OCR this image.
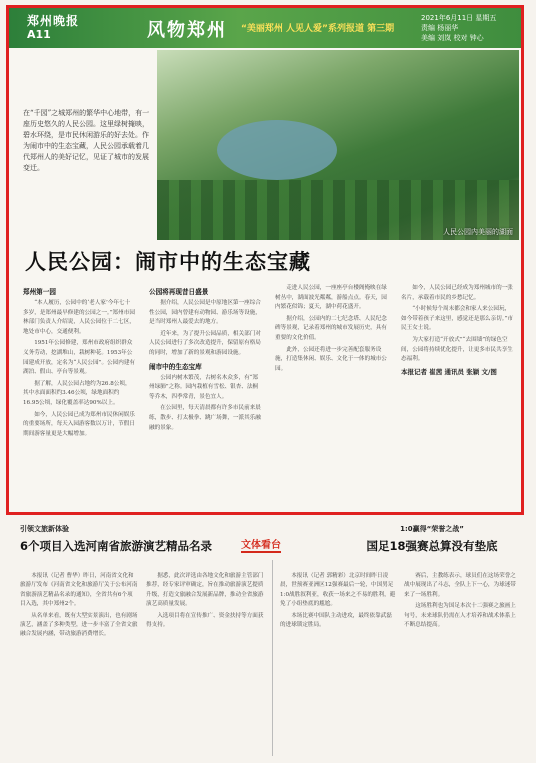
郑州晚报
A11	风物郑州 “美丽郑州 人见人爱”系列报道 第三期
2021年6月11日 星期五
责编 杨丽华
美编 刘岚 校对 钟心
人民公园内美丽的湖面
在“千园”之城郑州的繁华中心地带，有一座历史悠久的人民公园。这里绿树掩映，碧水环绕，是市民休闲游乐的好去处。作为闹市中的生态宝藏，人民公园承载着几代郑州人的美好记忆，见证了城市的发展变迁。
人民公园：闹市中的生态宝藏
郑州第一园

“本人履历，公园中的‘老人家’今年七十多岁，是郑州最早修建的公园之一。”郑州市园林部门负责人介绍说，人民公园位于二七区，地处市中心，交通便利。

1951年公园修建，郑州市政府组织群众义务劳动，挖湖堆山，栽树种花。1953年公园建成开放，定名为“人民公园”。公园内建有湖泊、假山、亭台等景观。

据了解，人民公园占地约为26.8公顷，其中水面面积约3.46公顷，绿地面积约16.95公顷，绿化覆盖率达90%以上。

如今，人民公园已成为郑州市民休闲娱乐的重要场所，每天入园游客数以万计，节假日期间游客量更是大幅增加。

公园将再现昔日盛景

据介绍，人民公园是中原地区第一座综合性公园，园内曾建有动物园、游乐场等设施，是当时郑州人最爱去的地方。

近年来，为了提升公园品质，相关部门对人民公园进行了多次改造提升，保留原有格局的同时，增加了新的景观和游园设施。

闹市中的生态宝库

公园内树木繁茂，古树名木众多，有“郑州绿肺”之称。园内栽植有雪松、银杏、法桐等乔木，四季常青，景色宜人。

在公园里，每天清晨都有许多市民前来晨练，散步、打太极拳、跳广场舞，一派其乐融融的景象。

走进人民公园，一座座亭台楼阁掩映在绿树丛中，湖面波光粼粼，游船点点。春天，园内繁花似锦；夏天，湖中荷花盛开。

据介绍，公园内的二七纪念塔、人民纪念碑等景观，记录着郑州的城市发展历史，具有重要的文化价值。

此外，公园还将进一步完善配套服务设施，打造集休闲、娱乐、文化于一体的城市公园。

如今，人民公园已经成为郑州城市的一张名片，承载着市民的乡愁记忆。

“小时候每个周末都会和家人来公园玩，如今带着孩子来这里，感觉还是那么亲切。”市民王女士说。

为大家打造“开放式”“去围墙”的绿色空间，公园将持续优化提升，让更多市民共享生态福利。

本报记者 崔茜 通讯员 张颖 文/图

引领文旅新体验
6个项目入选河南省旅游演艺精品名录	文体看台
1:0赢得“荣誉之战”
国足18强赛总算没有垫底

本报讯（记者 曹华）昨日，河南省文化和旅游厅发布《河南省文化和旅游厅关于公布河南省旅游演艺精品名录的通知》，全省共有6个项目入选，其中郑州2个。

从名单来看，既有大型实景演出，也有剧场演艺，涵盖了多种类型，进一步丰富了全省文旅融合发展内涵，带动旅游消费增长。

据悉，此次评选由各地文化和旅游主管部门推荐，经专家评审确定，旨在推动旅游演艺提质升级，打造文旅融合发展新品牌，推动全省旅游演艺高质量发展。

入选项目将在宣传推广、资金扶持等方面获得支持。

本报讯（记者 郭精彩）北京时间昨日凌晨，世预赛亚洲区12强赛最后一轮，中国男足1:0战胜叙利亚，收获一场来之不易的胜利，避免了小组垫底的尴尬。

本场比赛中国队主动进攻，最终依靠武磊的进球锁定胜局。

赛后，主教练表示，球员们在这场荣誉之战中展现出了斗志，全队上下一心，为球迷带来了一场胜利。

这场胜利也为国足本次十二强赛之旅画上句号，未来球队仍需在人才培养和战术体系上不断总结提高。
